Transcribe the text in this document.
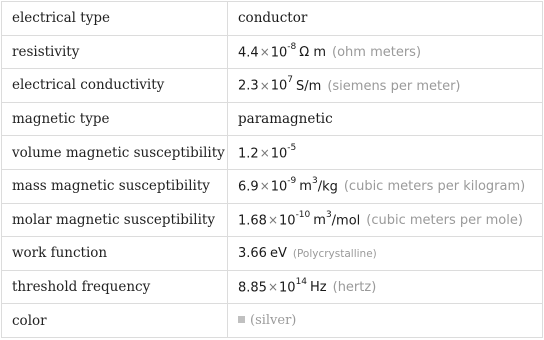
electrical type	conductor
resistivity	$4.4\times 10^{-8}$ Ω m (ohm meters)
electrical conductivity	$2.3\times 10^7$ S/m (siemens per meter)
magnetic type	paramagnetic
volume magnetic susceptibility	$1.2\times 10^{-5}$
mass magnetic susceptibility	$6.9\times 10^{-9}$ $m^3/kg$ (cubic meters per kilogram)
molar magnetic susceptibility	$1.68\times 10^{-10}$ $m^3$/mol (cubic meters per mole)
work function	3.66 eV (Polycrystalline)
threshold frequency	$8.85\times 10^{14}$ Hz (hertz)
color	(silver)
